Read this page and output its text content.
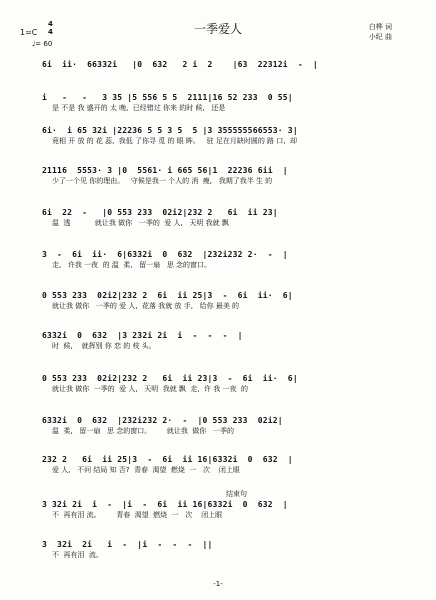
一季爱人
1=C
4
4
♩= 60
白桦 词
小纪 曲
6i  ii·  66332i   |0  632   2 i  2    |63  22312i  -  |
i   -   -   3 35 |5 556 5 5  2111|16 52 233  0 55|
是 不是 我 盛开的 太 晚,  已经错过 你来 的时 候,   还是
6i·  i 65 32i |22236 5 5 3 5  5 |3 355555566553· 3|
竟相 开 放 的 花 蕊,  我低 了你寻 觅 的 眼 眸。   驻 足在月缺时圆的 路 口,  却
21116  5553· 3 |0  5561· i 665 56|1  22236 6ii  |
少了一个见 你的理由。   守候是我一 个人的 消  瘦,   我期了我半 生 的
6i  22  -   |0 553 233  02i2|232 2   6i  ii 23|
温  透           就让我 做你   一季的  爱 人,   天明 我就 飘
3  -  6i  ii·  6|6332i  0  632  |232i232 2·  -  |
走,   许我 一夜  的 温  柔,   留一扇   思 念的窗口。
0 553 233  02i2|232 2  6i  ii 25|3  -  6i  ii·  6|
就让我 做你   一季的 爱 人,  花落 我就 放 手,   给你 最美 的
6332i  0  632  |3 232i 2i  i  -  -  -  |
时  候,    就挥别 你 恋 的 枝 头。
0 553 233  02i2|232 2   6i  ii 23|3  -  6i  ii·  6|
就让我 做你  一季的  爱 人,   天明  我就 飘  走,  许 我 一夜  的
6332i  0  632  |232i232 2·  -  |0 553 233  02i2|
温  柔,   留一扇   思 念的窗口。       就让我  做你   一季的
232 2   6i  ii 25|3  -  6i  ii 16|6332i  0  632  |
爱 人,   不问 结局 知 否?  青春  渴望  燃烧  一   次    闭上眼
结束句
3 32i 2i  i  -  |i  -  6i  ii 16|6332i  0  632  |
不  再有泪 流。       青春  渴望  燃烧  一   次    闭上眼
3  32i  2i   i  -  |i  -  -  -  ||
不  再有泪  流。
-1-
